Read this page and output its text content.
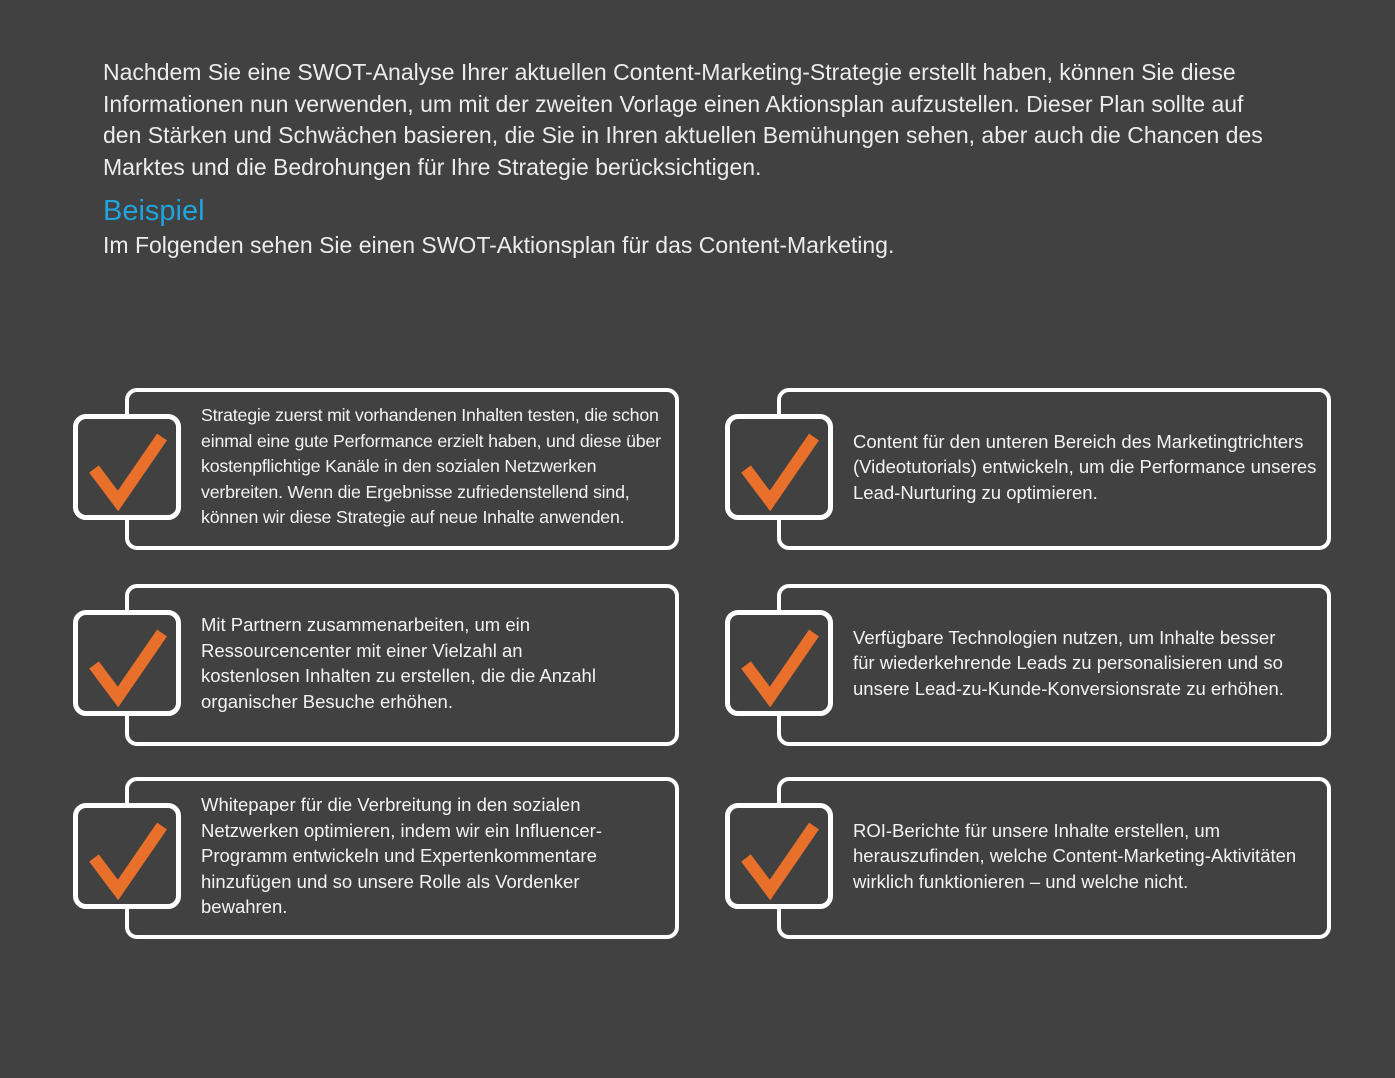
Nachdem Sie eine SWOT-Analyse Ihrer aktuellen Content-Marketing-Strategie erstellt haben, können Sie diese Informationen nun verwenden, um mit der zweiten Vorlage einen Aktionsplan aufzustellen. Dieser Plan sollte auf den Stärken und Schwächen basieren, die Sie in Ihren aktuellen Bemühungen sehen, aber auch die Chancen des Marktes und die Bedrohungen für Ihre Strategie berücksichtigen.

Beispiel

Im Folgenden sehen Sie einen SWOT-Aktionsplan für das Content-Marketing.

Strategie zuerst mit vorhandenen Inhalten testen, die schon einmal eine gute Performance erzielt haben, und diese über kostenpflichtige Kanäle in den sozialen Netzwerken verbreiten. Wenn die Ergebnisse zufriedenstellend sind, können wir diese Strategie auf neue Inhalte anwenden.
Content für den unteren Bereich des Marketingtrichters (Videotutorials) entwickeln, um die Performance unseres Lead-Nurturing zu optimieren.
Mit Partnern zusammenarbeiten, um ein Ressourcencenter mit einer Vielzahl an kostenlosen Inhalten zu erstellen, die die Anzahl organischer Besuche erhöhen.
Verfügbare Technologien nutzen, um Inhalte besser für wiederkehrende Leads zu personalisieren und so unsere Lead-zu-Kunde-Konversionsrate zu erhöhen.
Whitepaper für die Verbreitung in den sozialen Netzwerken optimieren, indem wir ein Influencer-Programm entwickeln und Expertenkommentare hinzufügen und so unsere Rolle als Vordenker bewahren.
ROI-Berichte für unsere Inhalte erstellen, um herauszufinden, welche Content-Marketing-Aktivitäten wirklich funktionieren – und welche nicht.
